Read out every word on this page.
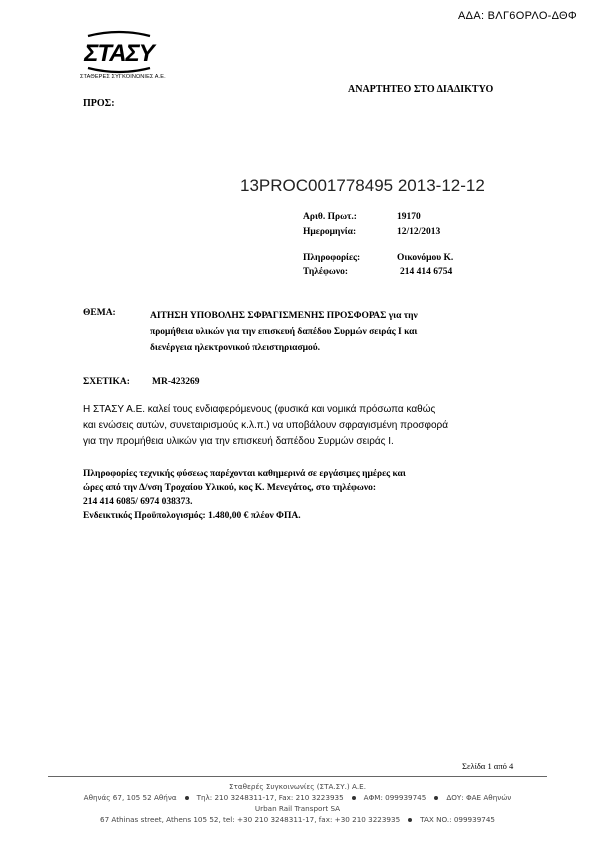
ΑΔΑ: ΒΛΓ6ΟΡΛΟ-ΔΘΦ
ΣΤΑΣΥ
ΣΤΑΘΕΡΕΣ ΣΥΓΚΟΙΝΩΝΙΕΣ Α.Ε.
ΑΝΑΡΤΗΤΕΟ ΣΤΟ ΔΙΑΔΙΚΤΥΟ
ΠΡΟΣ:
13PROC001778495 2013-12-12
Αριθ. Πρωτ.:	19170
Ημερομηνία:	12/12/2013
Πληροφορίες:	Οικονόμου Κ.
Τηλέφωνο:	214 414 6754
ΘΕΜΑ:	ΑΙΤΗΣΗ ΥΠΟΒΟΛΗΣ ΣΦΡΑΓΙΣΜΕΝΗΣ ΠΡΟΣΦΟΡΑΣ για την
προμήθεια υλικών για την επισκευή δαπέδου Συρμών σειράς Ι και
διενέργεια ηλεκτρονικού πλειστηριασμού.
ΣΧΕΤΙΚΑ: MR-423269
Η ΣΤΑΣΥ Α.Ε. καλεί τους ενδιαφερόμενους (φυσικά και νομικά πρόσωπα καθώς
και ενώσεις αυτών, συνεταιρισμούς κ.λ.π.) να υποβάλουν σφραγισμένη προσφορά
για την προμήθεια υλικών για την επισκευή δαπέδου Συρμών σειράς Ι.
Πληροφορίες τεχνικής φύσεως παρέχονται καθημερινά σε εργάσιμες ημέρες και
ώρες από την Δ/νση Τροχαίου Υλικού, κος Κ. Μενεγάτος, στο τηλέφωνο:
214 414 6085/ 6974 038373.
Ενδεικτικός Προϋπολογισμός: 1.480,00 € πλέον ΦΠΑ.
Σελίδα 1 από 4
Σταθερές Συγκοινωνίες (ΣΤΑ.ΣΥ.) Α.Ε.
Αθηνάς 67, 105 52 Αθήνα	Τηλ: 210 3248311-17, Fax: 210 3223935	ΑΦΜ: 099939745	ΔΟΥ: ΦΑΕ Αθηνών
Urban Rail Transport SA
67 Athinas street, Athens 105 52, tel: +30 210 3248311-17, fax: +30 210 3223935	TAX NO.: 099939745
